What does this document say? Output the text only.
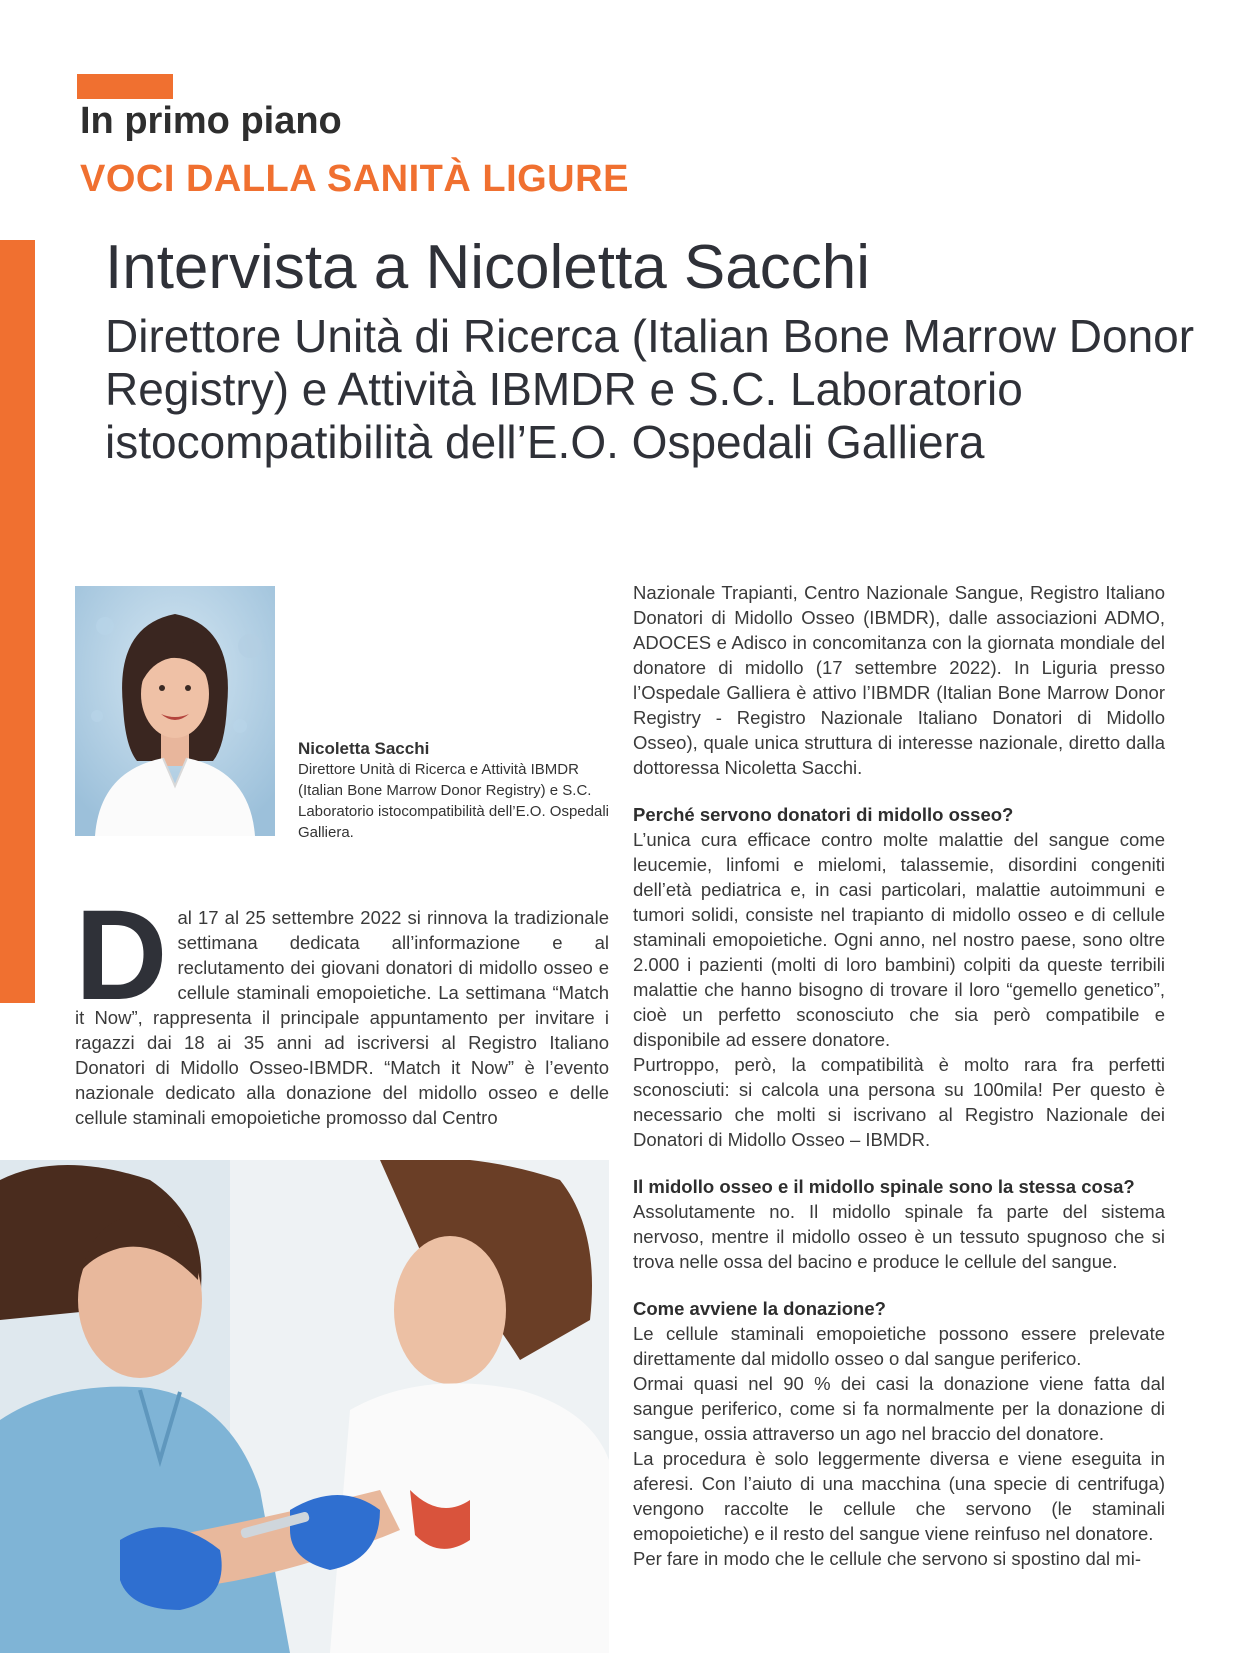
In primo piano
VOCI DALLA SANITÀ LIGURE
Intervista a Nicoletta Sacchi
Direttore Unità di Ricerca (Italian Bone Marrow Donor Registry) e Attività IBMDR e S.C. Laboratorio istocompatibilità dell’E.O. Ospedali Galliera
Nicoletta Sacchi
Direttore Unità di Ricerca e Attività IBMDR (Italian Bone Marrow Donor Registry) e S.C. Laboratorio istocompatibilità dell’E.O. Ospedali Galliera.
D al 17 al 25 settembre 2022 si rinnova la tradizionale settimana dedicata all’informazione e al reclutamento dei giovani donatori di midollo osseo e cellule staminali emopoietiche. La settimana “Match it Now”, rappresenta il principale appuntamento per invitare i ragazzi dai 18 ai 35 anni ad iscriversi al Registro Italiano Donatori di Midollo Osseo-IBMDR. “Match it Now” è l’evento nazionale dedicato alla donazione del midollo osseo e delle cellule staminali emopoietiche promosso dal Centro

Nazionale Trapianti, Centro Nazionale Sangue, Registro Italiano Donatori di Midollo Osseo (IBMDR), dalle associazioni ADMO, ADOCES e Adisco in concomitanza con la giornata mondiale del donatore di midollo (17 settembre 2022). In Liguria presso l’Ospedale Galliera è attivo l’IBMDR (Italian Bone Marrow Donor Registry - Registro Nazionale Italiano Donatori di Midollo Osseo), quale unica struttura di interesse nazionale, diretto dalla dottoressa Nicoletta Sacchi.

Perché servono donatori di midollo osseo?

L’unica cura efficace contro molte malattie del sangue come leucemie, linfomi e mielomi, talassemie, disordini congeniti dell’età pediatrica e, in casi particolari, malattie autoimmuni e tumori solidi, consiste nel trapianto di midollo osseo e di cellule staminali emopoietiche. Ogni anno, nel nostro paese, sono oltre 2.000 i pazienti (molti di loro bambini) colpiti da queste terribili malattie che hanno bisogno di trovare il loro “gemello genetico”, cioè un perfetto sconosciuto che sia però compatibile e disponibile ad essere donatore.

Purtroppo, però, la compatibilità è molto rara fra perfetti sconosciuti: si calcola una persona su 100mila! Per questo è necessario che molti si iscrivano al Registro Nazionale dei Donatori di Midollo Osseo – IBMDR.

Il midollo osseo e il midollo spinale sono la stessa cosa?

Assolutamente no. Il midollo spinale fa parte del sistema nervoso, mentre il midollo osseo è un tessuto spugnoso che si trova nelle ossa del bacino e produce le cellule del sangue.

Come avviene la donazione?

Le cellule staminali emopoietiche possono essere prelevate direttamente dal midollo osseo o dal sangue periferico.

Ormai quasi nel 90 % dei casi la donazione viene fatta dal sangue periferico, come si fa normalmente per la donazione di sangue, ossia attraverso un ago nel braccio del donatore.

La procedura è solo leggermente diversa e viene eseguita in aferesi. Con l’aiuto di una macchina (una specie di centrifuga) vengono raccolte le cellule che servono (le staminali emopoietiche) e il resto del sangue viene reinfuso nel donatore.

Per fare in modo che le cellule che servono si spostino dal mi-
